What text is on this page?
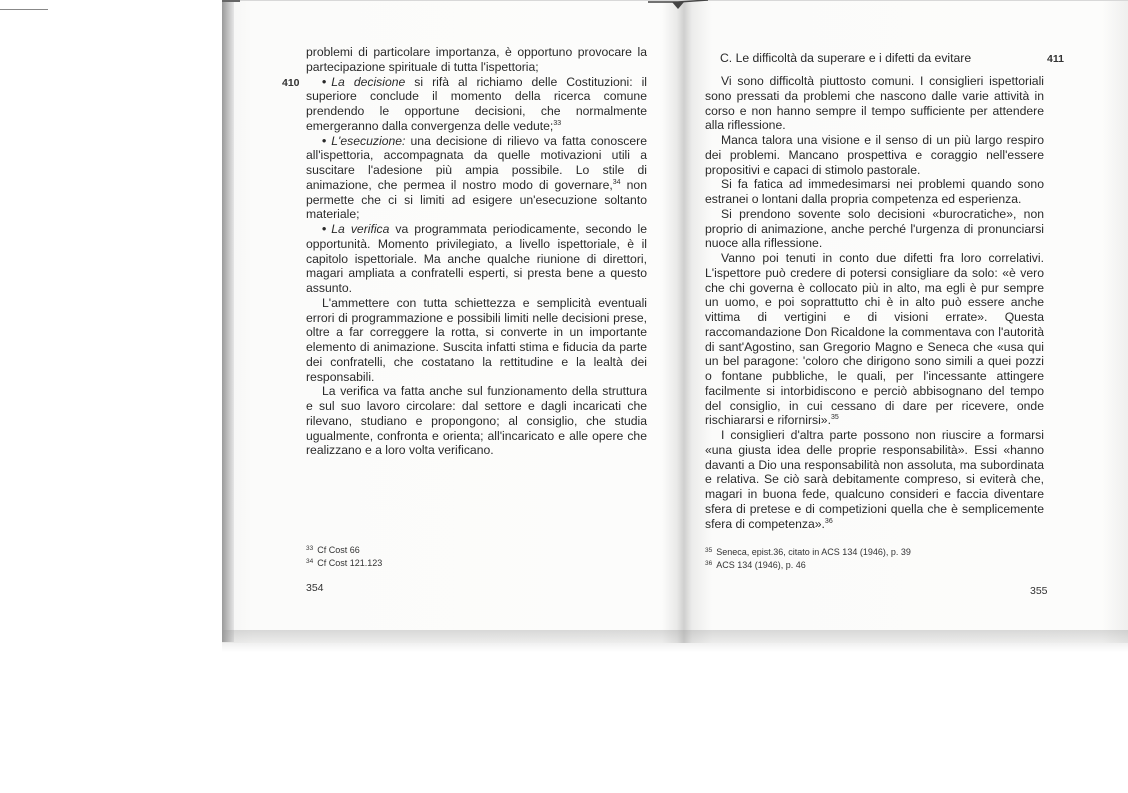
410

problemi di particolare importanza, è opportuno provocare la partecipazione spirituale di tutta l'ispettoria;

• La decisione si rifà al richiamo delle Costituzioni: il superiore conclude il momento della ricerca comune prendendo le opportune decisioni, che normalmente emergeranno dalla convergenza delle vedute;$^{33}$

• L'esecuzione: una decisione di rilievo va fatta conoscere all'ispettoria, accompagnata da quelle motivazioni utili a suscitare l'adesione più ampia possibile. Lo stile di animazione, che permea il nostro modo di governare,$^{34}$ non permette che ci si limiti ad esigere un'esecuzione soltanto materiale;

• La verifica va programmata periodicamente, secondo le opportunità. Momento privilegiato, a livello ispettoriale, è il capitolo ispettoriale. Ma anche qualche riunione di direttori, magari ampliata a confratelli esperti, si presta bene a questo assunto.

L'ammettere con tutta schiettezza e semplicità eventuali errori di programmazione e possibili limiti nelle decisioni prese, oltre a far correggere la rotta, si converte in un importante elemento di animazione. Suscita infatti stima e fiducia da parte dei confratelli, che costatano la rettitudine e la lealtà dei responsabili.

La verifica va fatta anche sul funzionamento della struttura e sul suo lavoro circolare: dal settore e dagli incaricati che rilevano, studiano e propongono; al consiglio, che studia ugualmente, confronta e orienta; all'incaricato e alle opere che realizzano e a loro volta verificano.

$^{33}$ Cf Cost 66
$^{34}$ Cf Cost 121.123
354
C. Le difficoltà da superare e i difetti da evitare	411

Vi sono difficoltà piuttosto comuni. I consiglieri ispettoriali sono pressati da problemi che nascono dalle varie attività in corso e non hanno sempre il tempo sufficiente per attendere alla riflessione.

Manca talora una visione e il senso di un più largo respiro dei problemi. Mancano prospettiva e coraggio nell'essere propositivi e capaci di stimolo pastorale.

Si fa fatica ad immedesimarsi nei problemi quando sono estranei o lontani dalla propria competenza ed esperienza.

Si prendono sovente solo decisioni «burocratiche», non proprio di animazione, anche perché l'urgenza di pronunciarsi nuoce alla riflessione.

Vanno poi tenuti in conto due difetti fra loro correlativi. L'ispettore può credere di potersi consigliare da solo: «è vero che chi governa è collocato più in alto, ma egli è pur sempre un uomo, e poi soprattutto chi è in alto può essere anche vittima di vertigini e di visioni errate». Questa raccomandazione Don Ricaldone la commentava con l'autorità di sant'Agostino, san Gregorio Magno e Seneca che «usa qui un bel paragone: 'coloro che dirigono sono simili a quei pozzi o fontane pubbliche, le quali, per l'incessante attingere facilmente si intorbidiscono e perciò abbisognano del tempo del consiglio, in cui cessano di dare per ricevere, onde rischiararsi e rifornirsi».$^{35}$

I consiglieri d'altra parte possono non riuscire a formarsi «una giusta idea delle proprie responsabilità». Essi «hanno davanti a Dio una responsabilità non assoluta, ma subordinata e relativa. Se ciò sarà debitamente compreso, si eviterà che, magari in buona fede, qualcuno consideri e faccia diventare sfera di pretese e di competizioni quella che è semplicemente sfera di competenza».$^{36}$

$^{35}$ Seneca, epist.36, citato in ACS 134 (1946), p. 39
$^{36}$ ACS 134 (1946), p. 46
355
